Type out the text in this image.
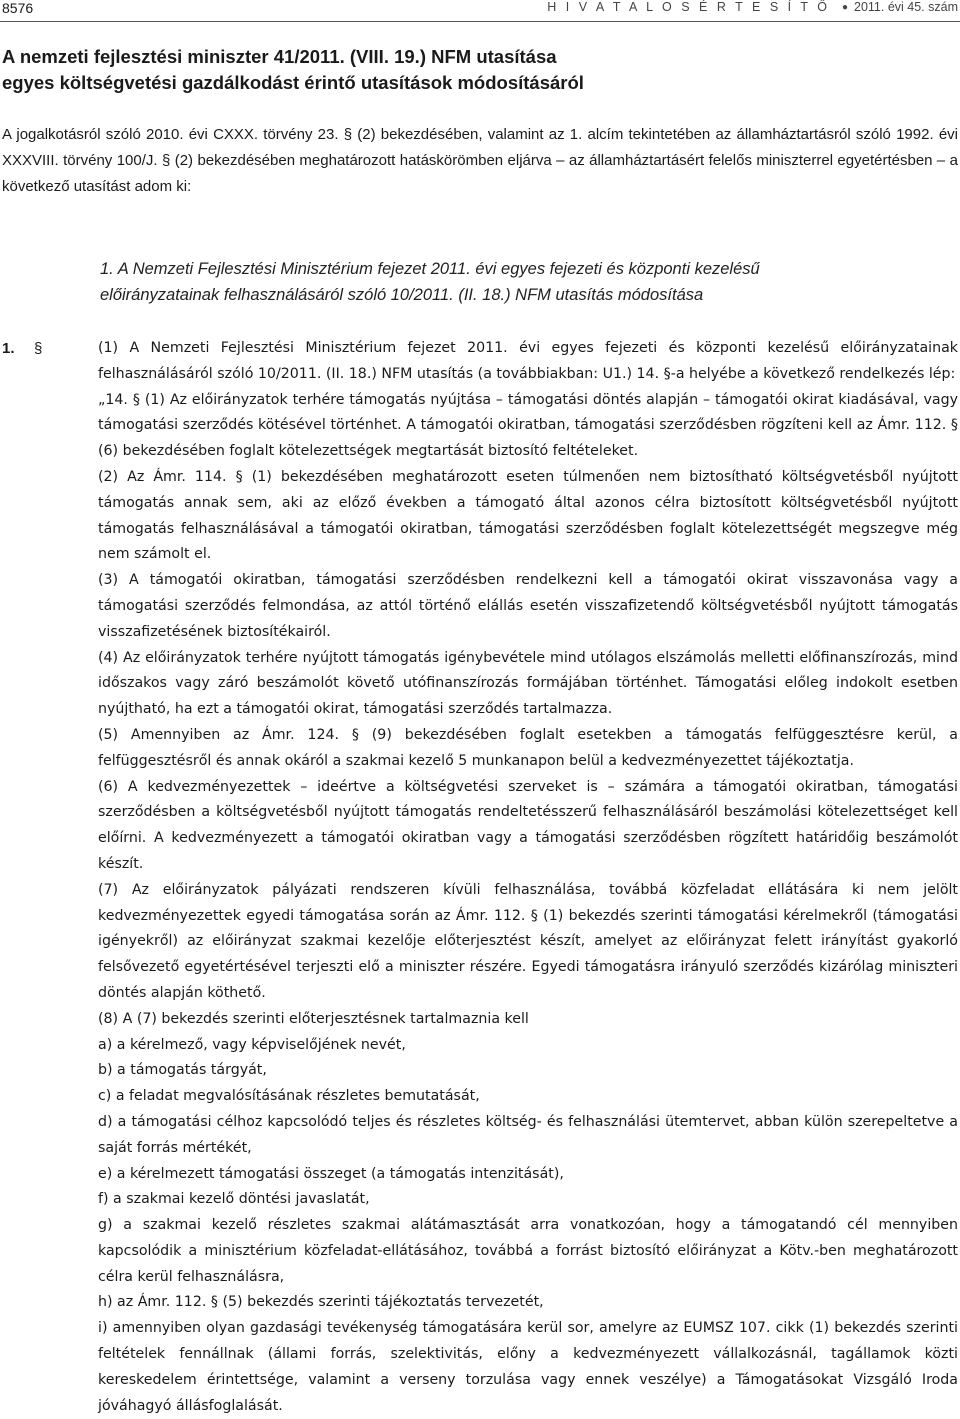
8576	H I V A T A L O S É R T E S Í T Ő ● 2011. évi 45. szám
A nemzeti fejlesztési miniszter 41/2011. (VIII. 19.) NFM utasítása
egyes költségvetési gazdálkodást érintő utasítások módosításáról
A jogalkotásról szóló 2010. évi CXXX. törvény 23. § (2) bekezdésében, valamint az 1. alcím tekintetében az államháztartásról szóló 1992. évi XXXVIII. törvény 100/J. § (2) bekezdésében meghatározott hatáskörömben eljárva – az államháztartásért felelős miniszterrel egyetértésben – a következő utasítást adom ki:
1. A Nemzeti Fejlesztési Minisztérium fejezet 2011. évi egyes fejezeti és központi kezelésű
előirányzatainak felhasználásáról szóló 10/2011. (II. 18.) NFM utasítás módosítása
1. §	(1) A Nemzeti Fejlesztési Minisztérium fejezet 2011. évi egyes fejezeti és központi kezelésű előirányzatainak felhasználásáról szóló 10/2011. (II. 18.) NFM utasítás (a továbbiakban: U1.) 14. §-a helyébe a következő rendelkezés lép:

„14. § (1) Az előirányzatok terhére támogatás nyújtása – támogatási döntés alapján – támogatói okirat kiadásával, vagy támogatási szerződés kötésével történhet. A támogatói okiratban, támogatási szerződésben rögzíteni kell az Ámr. 112. § (6) bekezdésében foglalt kötelezettségek megtartását biztosító feltételeket.

(2) Az Ámr. 114. § (1) bekezdésében meghatározott eseten túlmenően nem biztosítható költségvetésből nyújtott támogatás annak sem, aki az előző években a támogató által azonos célra biztosított költségvetésből nyújtott támogatás felhasználásával a támogatói okiratban, támogatási szerződésben foglalt kötelezettségét megszegve még nem számolt el.

(3) A támogatói okiratban, támogatási szerződésben rendelkezni kell a támogatói okirat visszavonása vagy a támogatási szerződés felmondása, az attól történő elállás esetén visszafizetendő költségvetésből nyújtott támogatás visszafizetésének biztosítékairól.

(4) Az előirányzatok terhére nyújtott támogatás igénybevétele mind utólagos elszámolás melletti előfinanszírozás, mind időszakos vagy záró beszámolót követő utófinanszírozás formájában történhet. Támogatási előleg indokolt esetben nyújtható, ha ezt a támogatói okirat, támogatási szerződés tartalmazza.

(5) Amennyiben az Ámr. 124. § (9) bekezdésében foglalt esetekben a támogatás felfüggesztésre kerül, a felfüggesztésről és annak okáról a szakmai kezelő 5 munkanapon belül a kedvezményezettet tájékoztatja.

(6) A kedvezményezettek – ideértve a költségvetési szerveket is – számára a támogatói okiratban, támogatási szerződésben a költségvetésből nyújtott támogatás rendeltetésszerű felhasználásáról beszámolási kötelezettséget kell előírni. A kedvezményezett a támogatói okiratban vagy a támogatási szerződésben rögzített határidőig beszámolót készít.

(7) Az előirányzatok pályázati rendszeren kívüli felhasználása, továbbá közfeladat ellátására ki nem jelölt kedvezményezettek egyedi támogatása során az Ámr. 112. § (1) bekezdés szerinti támogatási kérelmekről (támogatási igényekről) az előirányzat szakmai kezelője előterjesztést készít, amelyet az előirányzat felett irányítást gyakorló felsővezető egyetértésével terjeszti elő a miniszter részére. Egyedi támogatásra irányuló szerződés kizárólag miniszteri döntés alapján köthető.

(8) A (7) bekezdés szerinti előterjesztésnek tartalmaznia kell

a) a kérelmező, vagy képviselőjének nevét,

b) a támogatás tárgyát,

c) a feladat megvalósításának részletes bemutatását,

d) a támogatási célhoz kapcsolódó teljes és részletes költség- és felhasználási ütemtervet, abban külön szerepeltetve a saját forrás mértékét,

e) a kérelmezett támogatási összeget (a támogatás intenzitását),

f) a szakmai kezelő döntési javaslatát,

g) a szakmai kezelő részletes szakmai alátámasztását arra vonatkozóan, hogy a támogatandó cél mennyiben kapcsolódik a minisztérium közfeladat-ellátásához, továbbá a forrást biztosító előirányzat a Kötv.-ben meghatározott célra kerül felhasználásra,

h) az Ámr. 112. § (5) bekezdés szerinti tájékoztatás tervezetét,

i) amennyiben olyan gazdasági tevékenység támogatására kerül sor, amelyre az EUMSZ 107. cikk (1) bekezdés szerinti feltételek fennállnak (állami forrás, szelektivitás, előny a kedvezményezett vállalkozásnál, tagállamok közti kereskedelem érintettsége, valamint a verseny torzulása vagy ennek veszélye) a Támogatásokat Vizsgáló Iroda jóváhagyó állásfoglalását.
